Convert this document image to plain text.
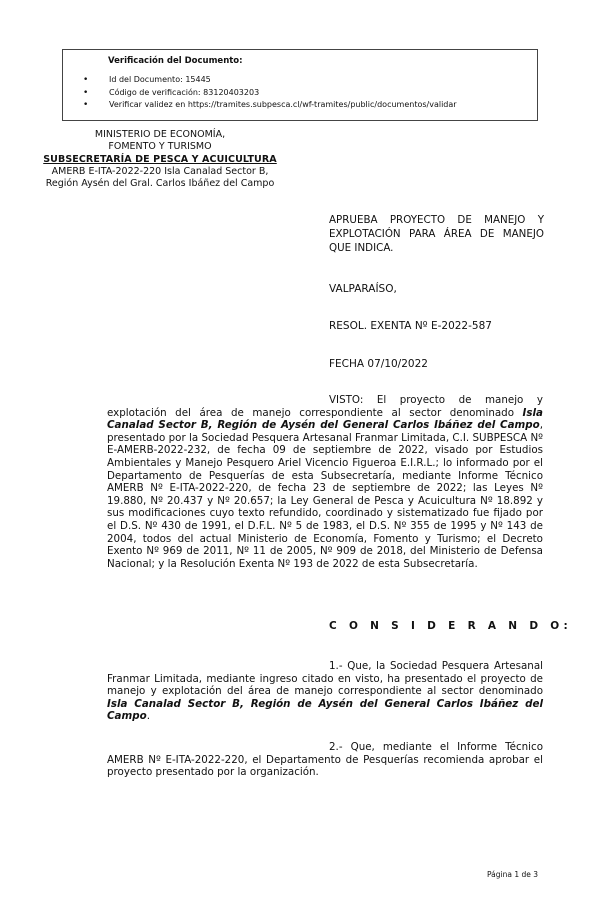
Verificación del Documento:
• Id del Documento: 15445
• Código de verificación: 83120403203
• Verificar validez en https://tramites.subpesca.cl/wf-tramites/public/documentos/validar
MINISTERIO DE ECONOMÍA,
FOMENTO Y TURISMO
SUBSECRETARÍA DE PESCA Y ACUICULTURA
AMERB E-ITA-2022-220 Isla Canalad Sector B,
Región Aysén del Gral. Carlos Ibáñez del Campo
APRUEBA PROYECTO DE MANEJO Y EXPLOTACIÓN PARA ÁREA DE MANEJO QUE INDICA.
VALPARAÍSO,
RESOL. EXENTA Nº E-2022-587
FECHA 07/10/2022

VISTO: El proyecto de manejo y explotación del área de manejo correspondiente al sector denominado Isla Canalad Sector B, Región de Aysén del General Carlos Ibáñez del Campo, presentado por la Sociedad Pesquera Artesanal Franmar Limitada, C.I. SUBPESCA Nº E-AMERB-2022-232, de fecha 09 de septiembre de 2022, visado por Estudios Ambientales y Manejo Pesquero Ariel Vicencio Figueroa E.I.R.L.; lo informado por el Departamento de Pesquerías de esta Subsecretaría, mediante Informe Técnico AMERB Nº E-ITA-2022-220, de fecha 23 de septiembre de 2022; las Leyes Nº 19.880, Nº 20.437 y Nº 20.657; la Ley General de Pesca y Acuicultura Nº 18.892 y sus modificaciones cuyo texto refundido, coordinado y sistematizado fue fijado por el D.S. Nº 430 de 1991, el D.F.L. Nº 5 de 1983, el D.S. Nº 355 de 1995 y Nº 143 de 2004, todos del actual Ministerio de Economía, Fomento y Turismo; el Decreto Exento Nº 969 de 2011, Nº 11 de 2005, Nº 909 de 2018, del Ministerio de Defensa Nacional; y la Resolución Exenta Nº 193 de 2022 de esta Subsecretaría.

C O N S I D E R A N D O:

1.- Que, la Sociedad Pesquera Artesanal Franmar Limitada, mediante ingreso citado en visto, ha presentado el proyecto de manejo y explotación del área de manejo correspondiente al sector denominado Isla Canalad Sector B, Región de Aysén del General Carlos Ibáñez del Campo.

2.- Que, mediante el Informe Técnico AMERB Nº E-ITA-2022-220, el Departamento de Pesquerías recomienda aprobar el proyecto presentado por la organización.

Página 1 de 3
